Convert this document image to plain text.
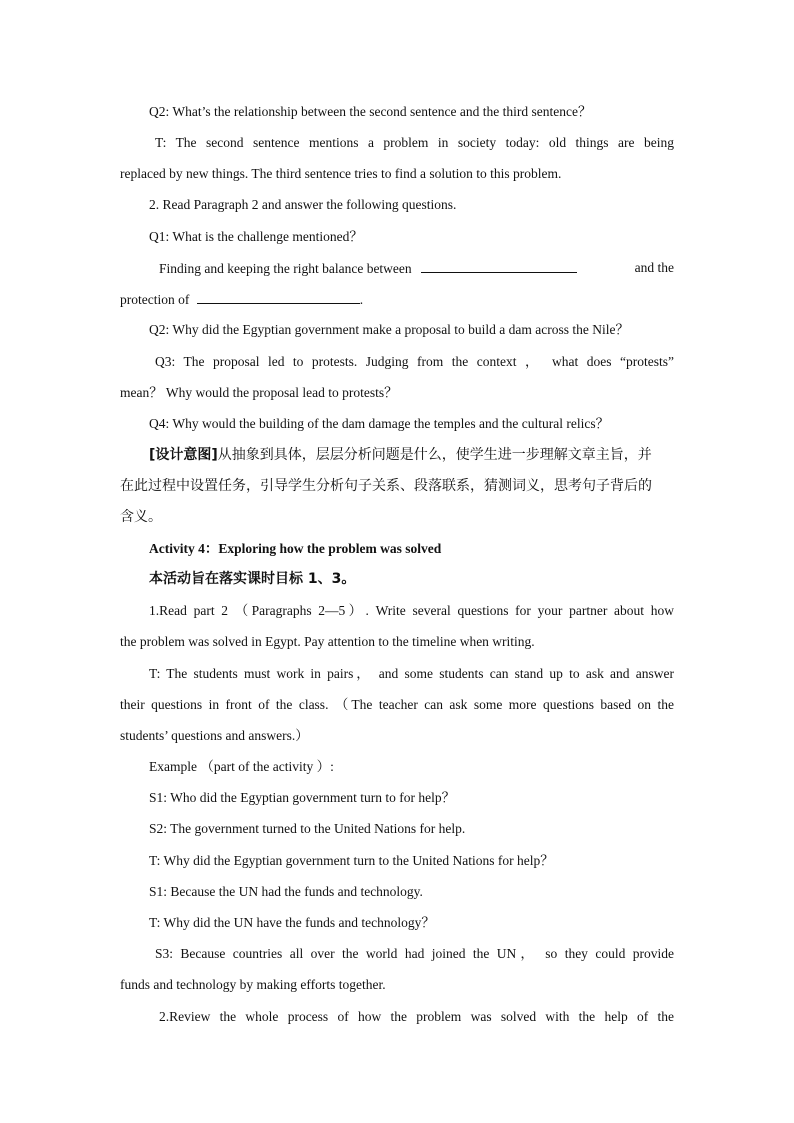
Q2: What’s the relationship between the second sentence and the third sentence？
T: The second sentence mentions a problem in society today: old things are being
replaced by new things. The third sentence tries to find a solution to this problem.
2. Read Paragraph 2 and answer the following questions.
Q1: What is the challenge mentioned？
Finding and keeping the right balance between	and the
protection of	.
Q2: Why did the Egyptian government make a proposal to build a dam across the Nile？
Q3: The proposal led to protests. Judging from the context ， what does “protests”
mean？ Why would the proposal lead to protests？
Q4: Why would the building of the dam damage the temples and the cultural relics？
[设计意图]从抽象到具体，层层分析问题是什么，使学生进一步理解文章主旨，并
在此过程中设置任务，引导学生分析句子关系、段落联系，猜测词义，思考句子背后的
含义。
Activity 4：Exploring how the problem was solved
本活动旨在落实课时目标 1、3。
1.Read part 2 （Paragraphs 2—5）. Write several questions for your partner about how
the problem was solved in Egypt. Pay attention to the timeline when writing.
T: The students must work in pairs， and some students can stand up to ask and answer
their questions in front of the class. （The teacher can ask some more questions based on the
students’ questions and answers.）
Example （part of the activity ）:
S1: Who did the Egyptian government turn to for help？
S2: The government turned to the United Nations for help.
T: Why did the Egyptian government turn to the United Nations for help？
S1: Because the UN had the funds and technology.
T: Why did the UN have the funds and technology？
S3: Because countries all over the world had joined the UN， so they could provide
funds and technology by making efforts together.
2.Review the whole process of how the problem was solved with the help of the
